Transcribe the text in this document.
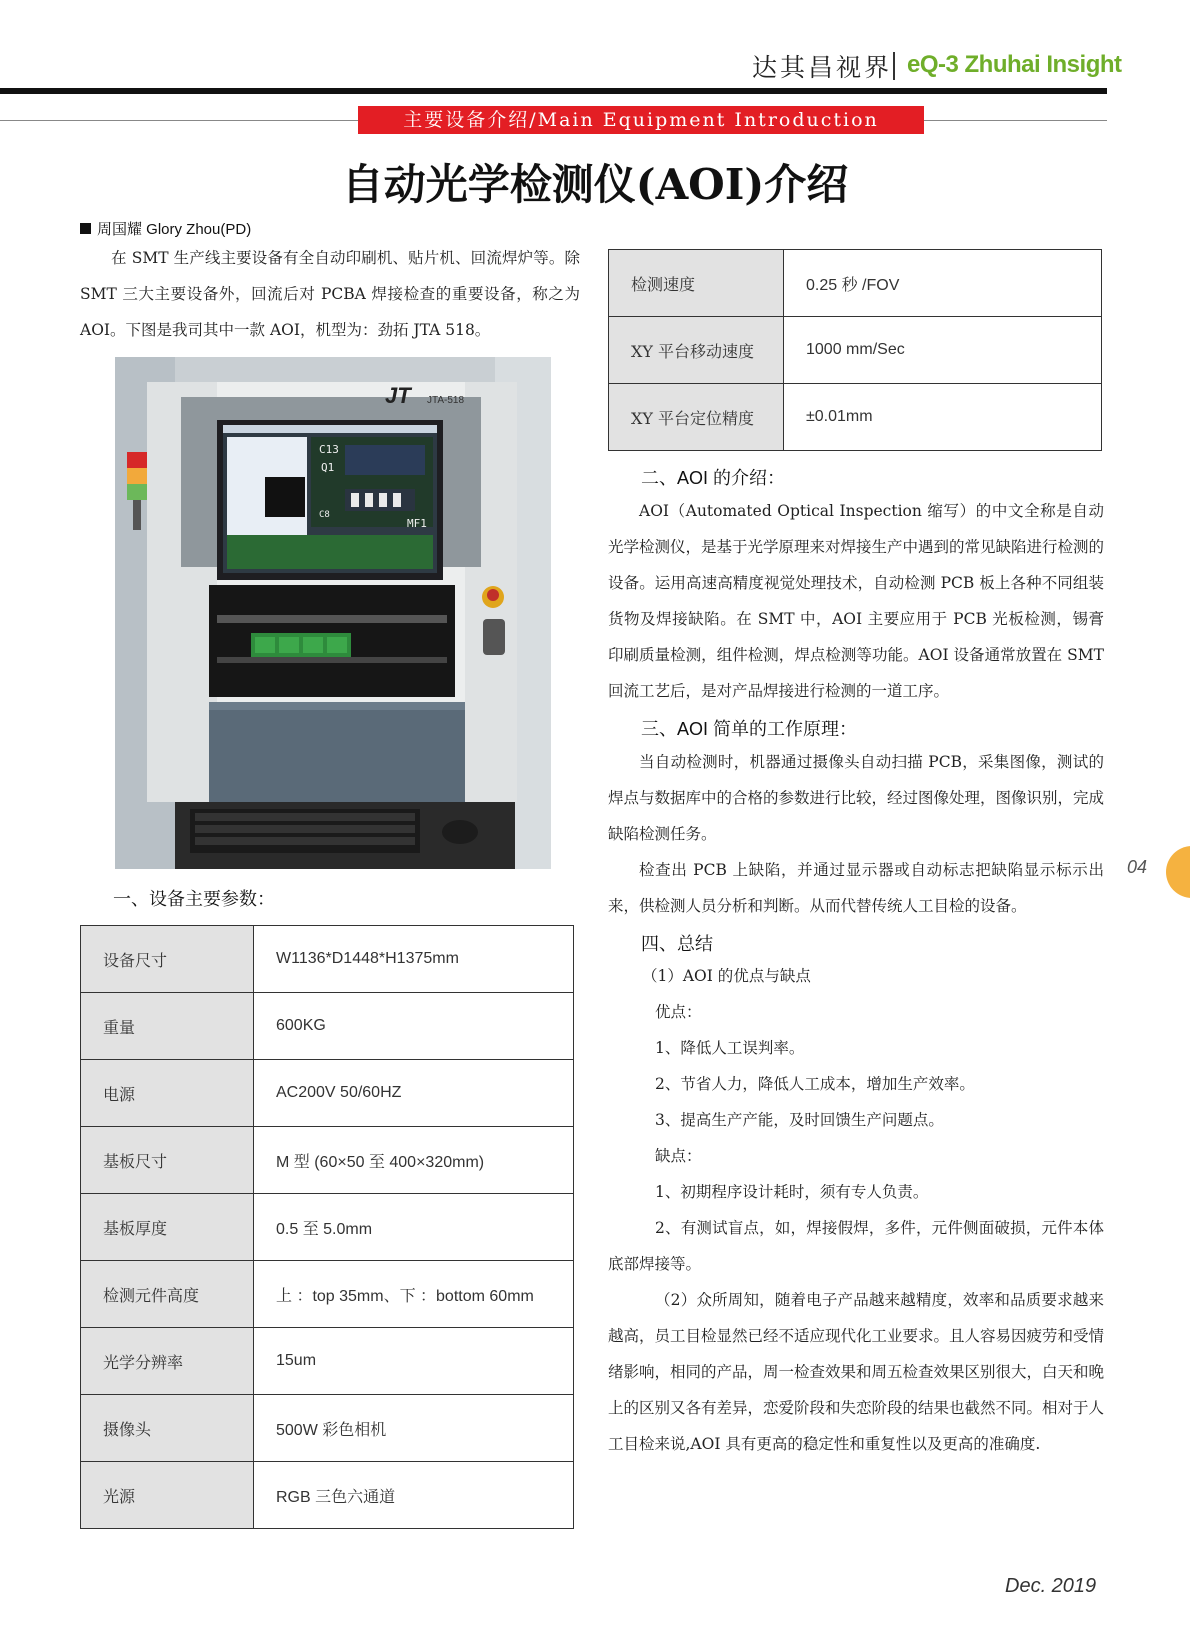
达其昌视界 eQ-3 Zhuhai Insight
主要设备介绍/Main Equipment Introduction
自动光学检测仪(AOI)介绍
周国耀 Glory Zhou(PD)
在 SMT 生产线主要设备有全自动印刷机、贴片机、回流焊炉等。除 SMT 三大主要设备外，回流后对 PCBA 焊接检查的重要设备，称之为 AOI。下图是我司其中一款 AOI，机型为：劲拓 JTA 518。
JT JTA-518
C13
Q1
MF1
C8
一、设备主要参数：
设备尺寸	W1136*D1448*H1375mm
重量	600KG
电源	AC200V 50/60HZ
基板尺寸	M 型 (60×50 至 400×320mm)
基板厚度	0.5 至 5.0mm
检测元件高度	上 ：top 35mm、下 ：bottom 60mm
光学分辨率	15um
摄像头	500W 彩色相机
光源	RGB 三色六通道
检测速度	0.25 秒 /FOV
XY 平台移动速度	1000 mm/Sec
XY 平台定位精度	±0.01mm
二、AOI 的介绍：
AOI（Automated Optical Inspection 缩写）的中文全称是自动光学检测仪，是基于光学原理来对焊接生产中遇到的常见缺陷进行检测的设备。运用高速高精度视觉处理技术，自动检测 PCB 板上各种不同组装货物及焊接缺陷。在 SMT 中，AOI 主要应用于 PCB 光板检测，锡膏印刷质量检测，组件检测，焊点检测等功能。AOI 设备通常放置在 SMT 回流工艺后，是对产品焊接进行检测的一道工序。
三、AOI 简单的工作原理：
当自动检测时，机器通过摄像头自动扫描 PCB，采集图像，测试的焊点与数据库中的合格的参数进行比较，经过图像处理，图像识别，完成缺陷检测任务。
检查出 PCB 上缺陷，并通过显示器或自动标志把缺陷显示标示出来，供检测人员分析和判断。从而代替传统人工目检的设备。
四、总结
（1）AOI 的优点与缺点
优点：
1、降低人工误判率。
2、节省人力，降低人工成本，增加生产效率。
3、提高生产产能，及时回馈生产问题点。
缺点：
1、初期程序设计耗时，须有专人负责。
2、有测试盲点，如，焊接假焊，多件，元件侧面破损，元件本体底部焊接等。
（2）众所周知，随着电子产品越来越精度，效率和品质要求越来越高，员工目检显然已经不适应现代化工业要求。且人容易因疲劳和受情绪影响，相同的产品，周一检查效果和周五检查效果区别很大，白天和晚上的区别又各有差异，恋爱阶段和失恋阶段的结果也截然不同。相对于人工目检来说,AOI 具有更高的稳定性和重复性以及更高的准确度.
04
Dec. 2019
